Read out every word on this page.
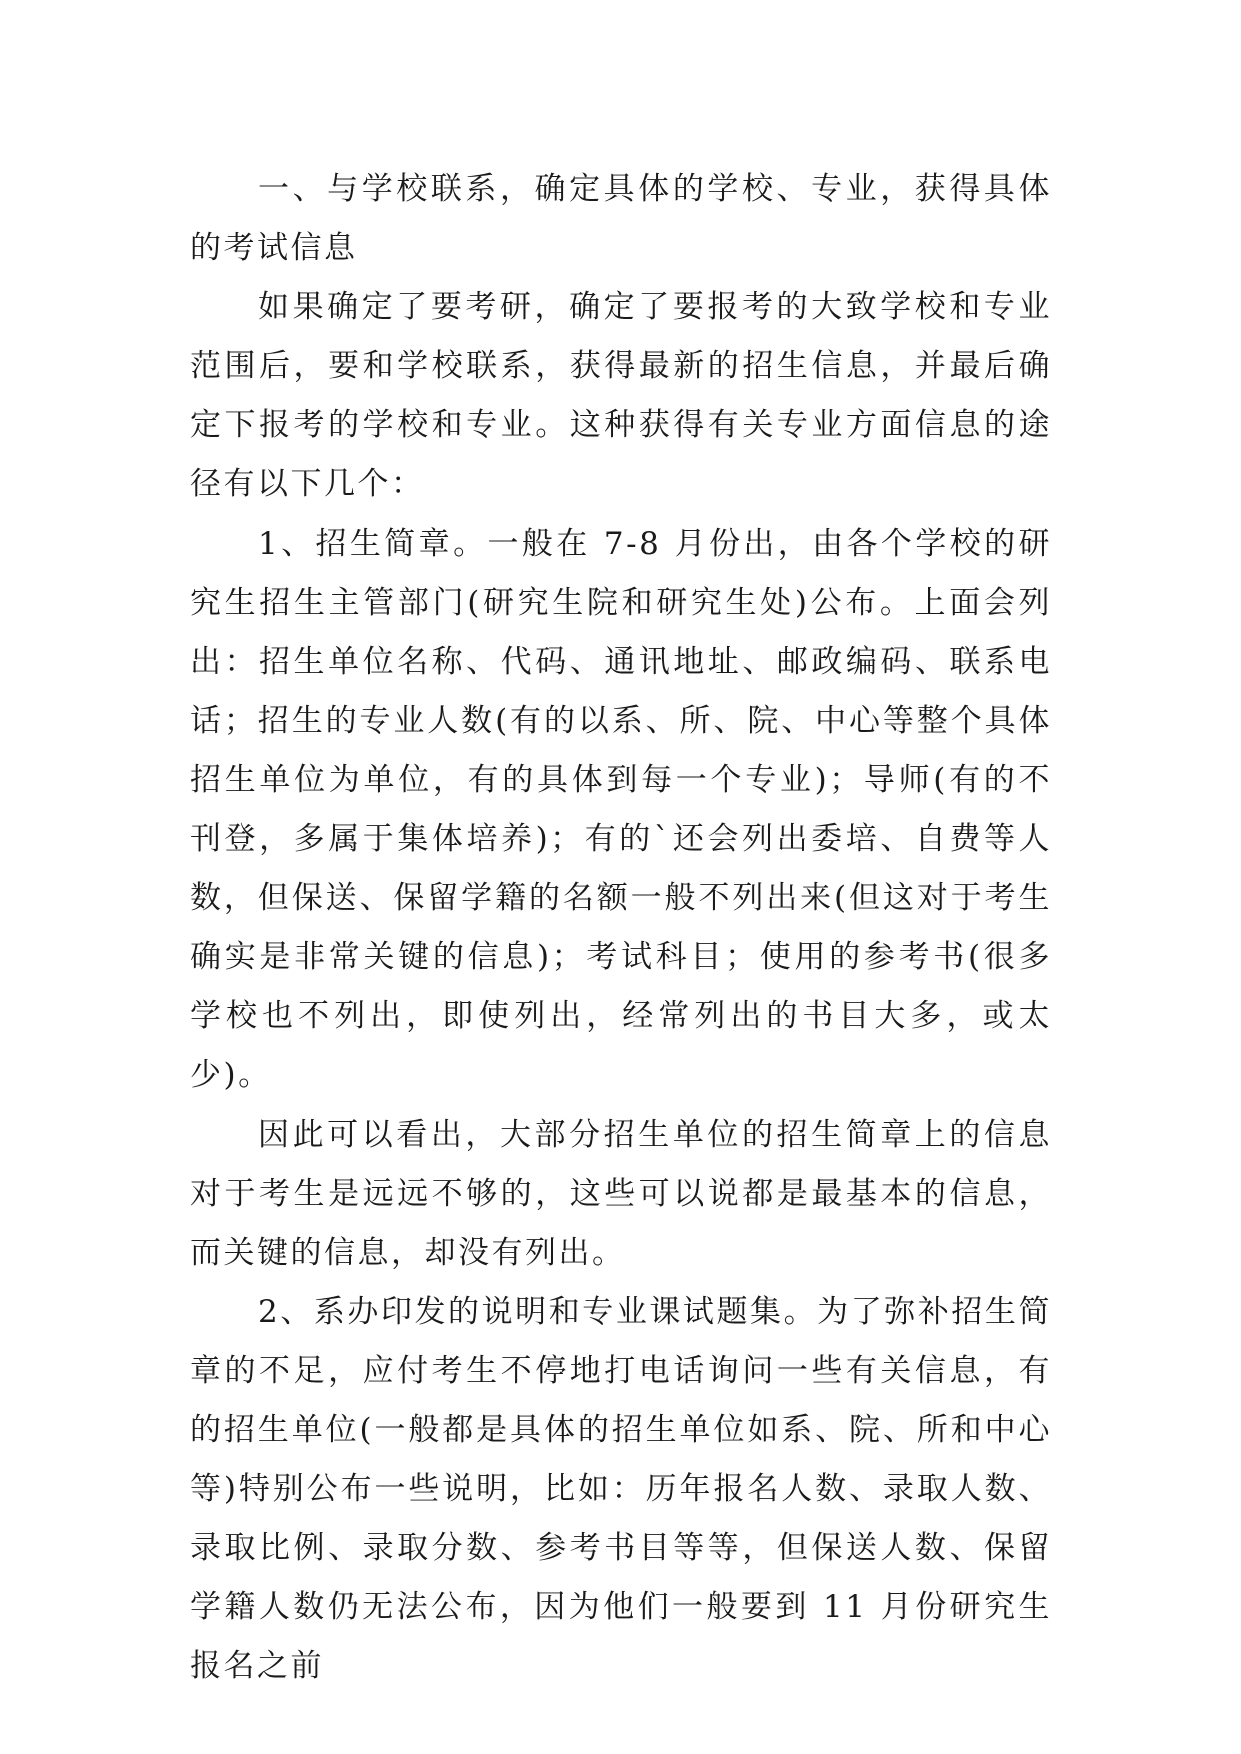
一、与学校联系，确定具体的学校、专业，获得具体的考试信息

如果确定了要考研，确定了要报考的大致学校和专业范围后，要和学校联系，获得最新的招生信息，并最后确定下报考的学校和专业。这种获得有关专业方面信息的途径有以下几个：

1、招生简章。一般在 7-8 月份出，由各个学校的研究生招生主管部门(研究生院和研究生处)公布。上面会列出：招生单位名称、代码、通讯地址、邮政编码、联系电话；招生的专业人数(有的以系、所、院、中心等整个具体招生单位为单位，有的具体到每一个专业)；导师(有的不刊登，多属于集体培养)；有的`还会列出委培、自费等人数，但保送、保留学籍的名额一般不列出来(但这对于考生确实是非常关键的信息)；考试科目；使用的参考书(很多学校也不列出，即使列出，经常列出的书目大多，或太少)。

因此可以看出，大部分招生单位的招生简章上的信息对于考生是远远不够的，这些可以说都是最基本的信息，而关键的信息，却没有列出。

2、系办印发的说明和专业课试题集。为了弥补招生简章的不足，应付考生不停地打电话询问一些有关信息，有的招生单位(一般都是具体的招生单位如系、院、所和中心等)特别公布一些说明，比如：历年报名人数、录取人数、录取比例、录取分数、参考书目等等，但保送人数、保留学籍人数仍无法公布，因为他们一般要到 11 月份研究生报名之前
